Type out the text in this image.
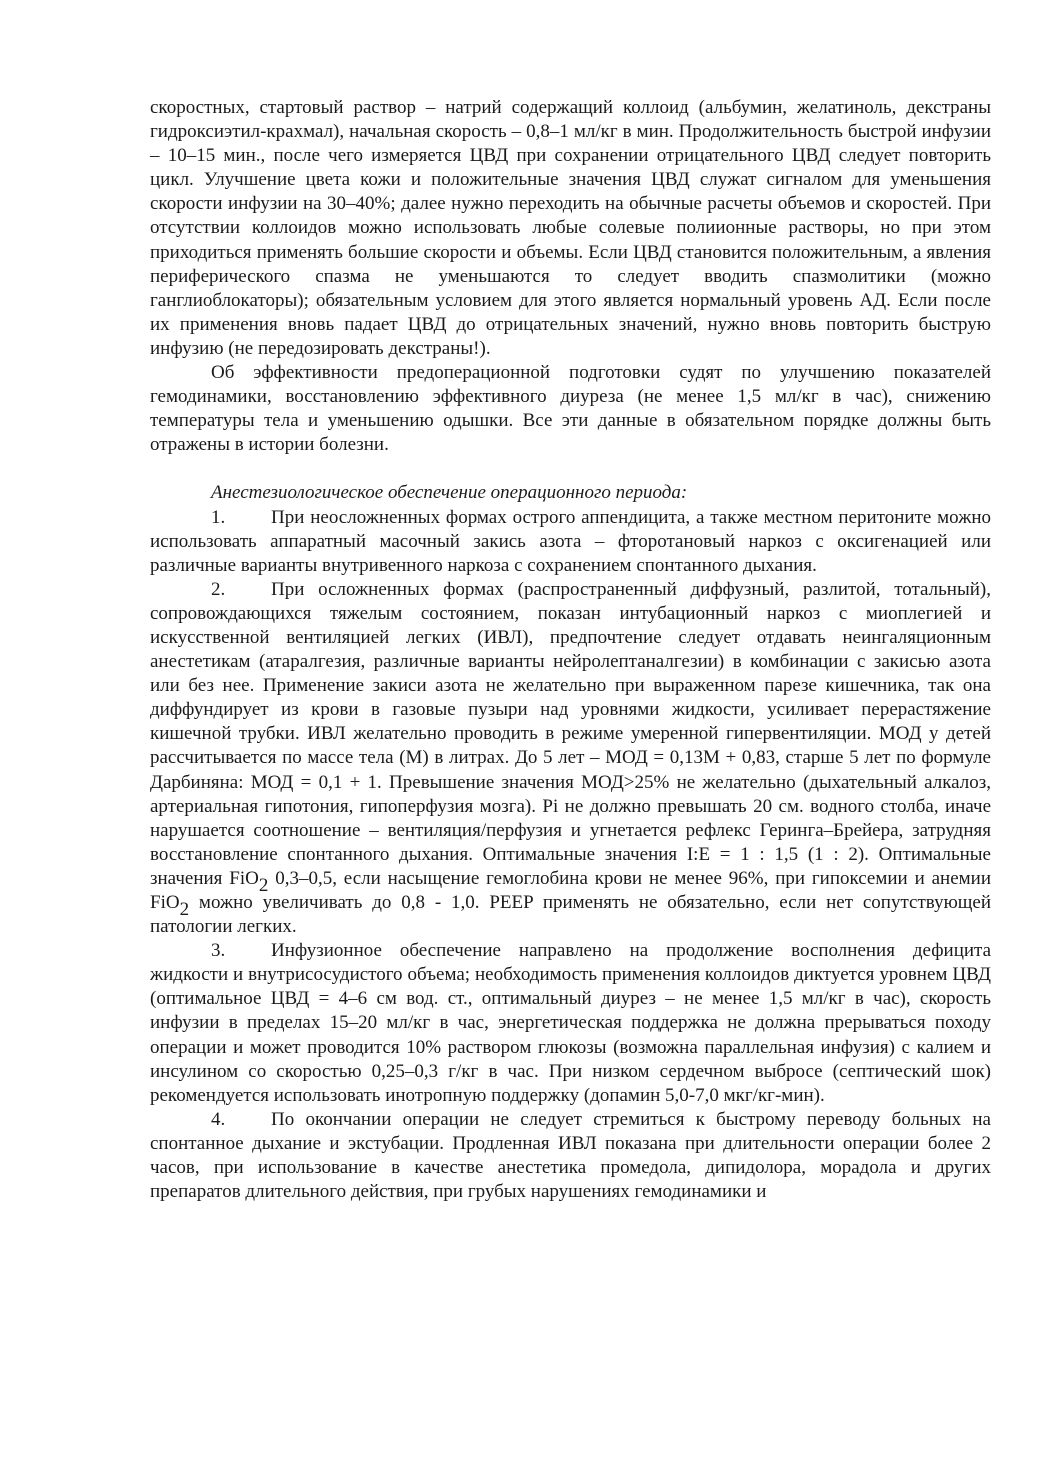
скоростных, стартовый раствор – натрий содержащий коллоид (альбумин, желатиноль, декстраны гидроксиэтил-крахмал), начальная скорость – 0,8–1 мл/кг в мин. Продолжительность быстрой инфузии – 10–15 мин., после чего измеряется ЦВД при сохранении отрицательного ЦВД следует повторить цикл. Улучшение цвета кожи и положительные значения ЦВД служат сигналом для уменьшения скорости инфузии на 30–40%; далее нужно переходить на обычные расчеты объемов и скоростей. При отсутствии коллоидов можно использовать любые солевые полиионные растворы, но при этом приходиться применять большие скорости и объемы. Если ЦВД становится положительным, а явления периферического спазма не уменьшаются то следует вводить спазмолитики (можно ганглиоблокаторы); обязательным условием для этого является нормальный уровень АД. Если после их применения вновь падает ЦВД до отрицательных значений, нужно вновь повторить быструю инфузию (не передозировать декстраны!).

Об эффективности предоперационной подготовки судят по улучшению показателей гемодинамики, восстановлению эффективного диуреза (не менее 1,5 мл/кг в час), снижению температуры тела и уменьшению одышки. Все эти данные в обязательном порядке должны быть отражены в истории болезни.

Анестезиологическое обеспечение операционного периода:

1. При неосложненных формах острого аппендицита, а также местном перитоните можно использовать аппаратный масочный закись азота – фторотановый наркоз с оксигенацией или различные варианты внутривенного наркоза с сохранением спонтанного дыхания.

2. При осложненных формах (распространенный диффузный, разлитой, тотальный), сопровождающихся тяжелым состоянием, показан интубационный наркоз с миоплегией и искусственной вентиляцией легких (ИВЛ), предпочтение следует отдавать неингаляционным анестетикам (атаралгезия, различные варианты нейролептаналгезии) в комбинации с закисью азота или без нее. Применение закиси азота не желательно при выраженном парезе кишечника, так она диффундирует из крови в газовые пузыри над уровнями жидкости, усиливает перерастяжение кишечной трубки. ИВЛ желательно проводить в режиме умеренной гипервентиляции. МОД у детей рассчитывается по массе тела (М) в литрах. До 5 лет – МОД = 0,13М + 0,83, старше 5 лет по формуле Дарбиняна: МОД = 0,1 + 1. Превышение значения МОД>25% не желательно (дыхательный алкалоз, артериальная гипотония, гипоперфузия мозга). Pi не должно превышать 20 см. водного столба, иначе нарушается соотношение – вентиляция/перфузия и угнетается рефлекс Геринга–Брейера, затрудняя восстановление спонтанного дыхания. Оптимальные значения I:E = 1 : 1,5 (1 : 2). Оптимальные значения FiO$_2$ 0,3–0,5, если насыщение гемоглобина крови не менее 96%, при гипоксемии и анемии FiO$_2$ можно увеличивать до 0,8 - 1,0. PEEP применять не обязательно, если нет сопутствующей патологии легких.

3. Инфузионное обеспечение направлено на продолжение восполнения дефицита жидкости и внутрисосудистого объема; необходимость применения коллоидов диктуется уровнем ЦВД (оптимальное ЦВД = 4–6 см вод. ст., оптимальный диурез – не менее 1,5 мл/кг в час), скорость инфузии в пределах 15–20 мл/кг в час, энергетическая поддержка не должна прерываться походу операции и может проводится 10% раствором глюкозы (возможна параллельная инфузия) с калием и инсулином со скоростью 0,25–0,3 г/кг в час. При низком сердечном выбросе (септический шок) рекомендуется использовать инотропную поддержку (допамин 5,0-7,0 мкг/кг-мин).

4. По окончании операции не следует стремиться к быстрому переводу больных на спонтанное дыхание и экстубации. Продленная ИВЛ показана при длительности операции более 2 часов, при использование в качестве анестетика промедола, дипидолора, морадола и других препаратов длительного действия, при грубых нарушениях гемодинамики и
